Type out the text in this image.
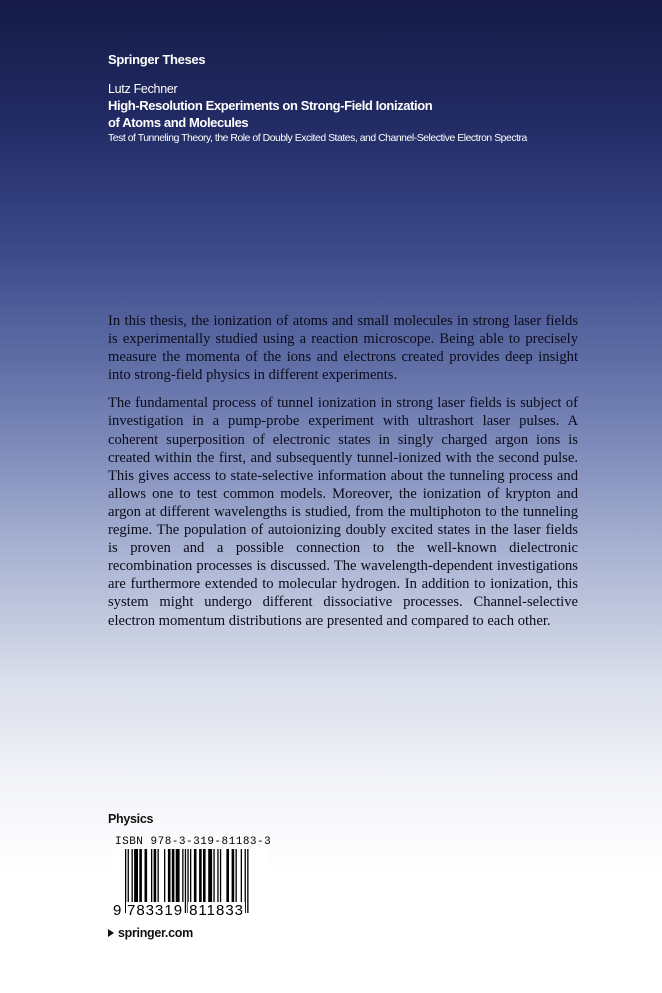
Springer Theses

Lutz Fechner

High-Resolution Experiments on Strong-Field Ionization
of Atoms and Molecules

Test of Tunneling Theory, the Role of Doubly Excited States, and Channel-Selective Electron Spectra

In this thesis, the ionization of atoms and small molecules in strong laser fields is experimentally studied using a reaction microscope. Being able to precisely measure the momenta of the ions and electrons created provides deep insight into strong-field physics in different experiments.

The fundamental process of tunnel ionization in strong laser fields is subject of investigation in a pump-probe experiment with ultrashort laser pulses. A coherent superposition of electronic states in singly charged argon ions is created within the first, and subsequently tunnel-ionized with the second pulse. This gives access to state-selective information about the tunneling process and allows one to test common models. Moreover, the ionization of krypton and argon at different wavelengths is studied, from the multiphoton to the tunneling regime. The population of autoionizing doubly excited states in the laser fields is proven and a possible connection to the well-known dielectronic recombination processes is discussed. The wavelength-dependent investigations are furthermore extended to molecular hydrogen. In addition to ionization, this system might undergo different dissociative processes. Channel-selective electron momentum distributions are presented and compared to each other.

Physics
ISBN 978-3-319-81183-3
9 783319 811833
springer.com
